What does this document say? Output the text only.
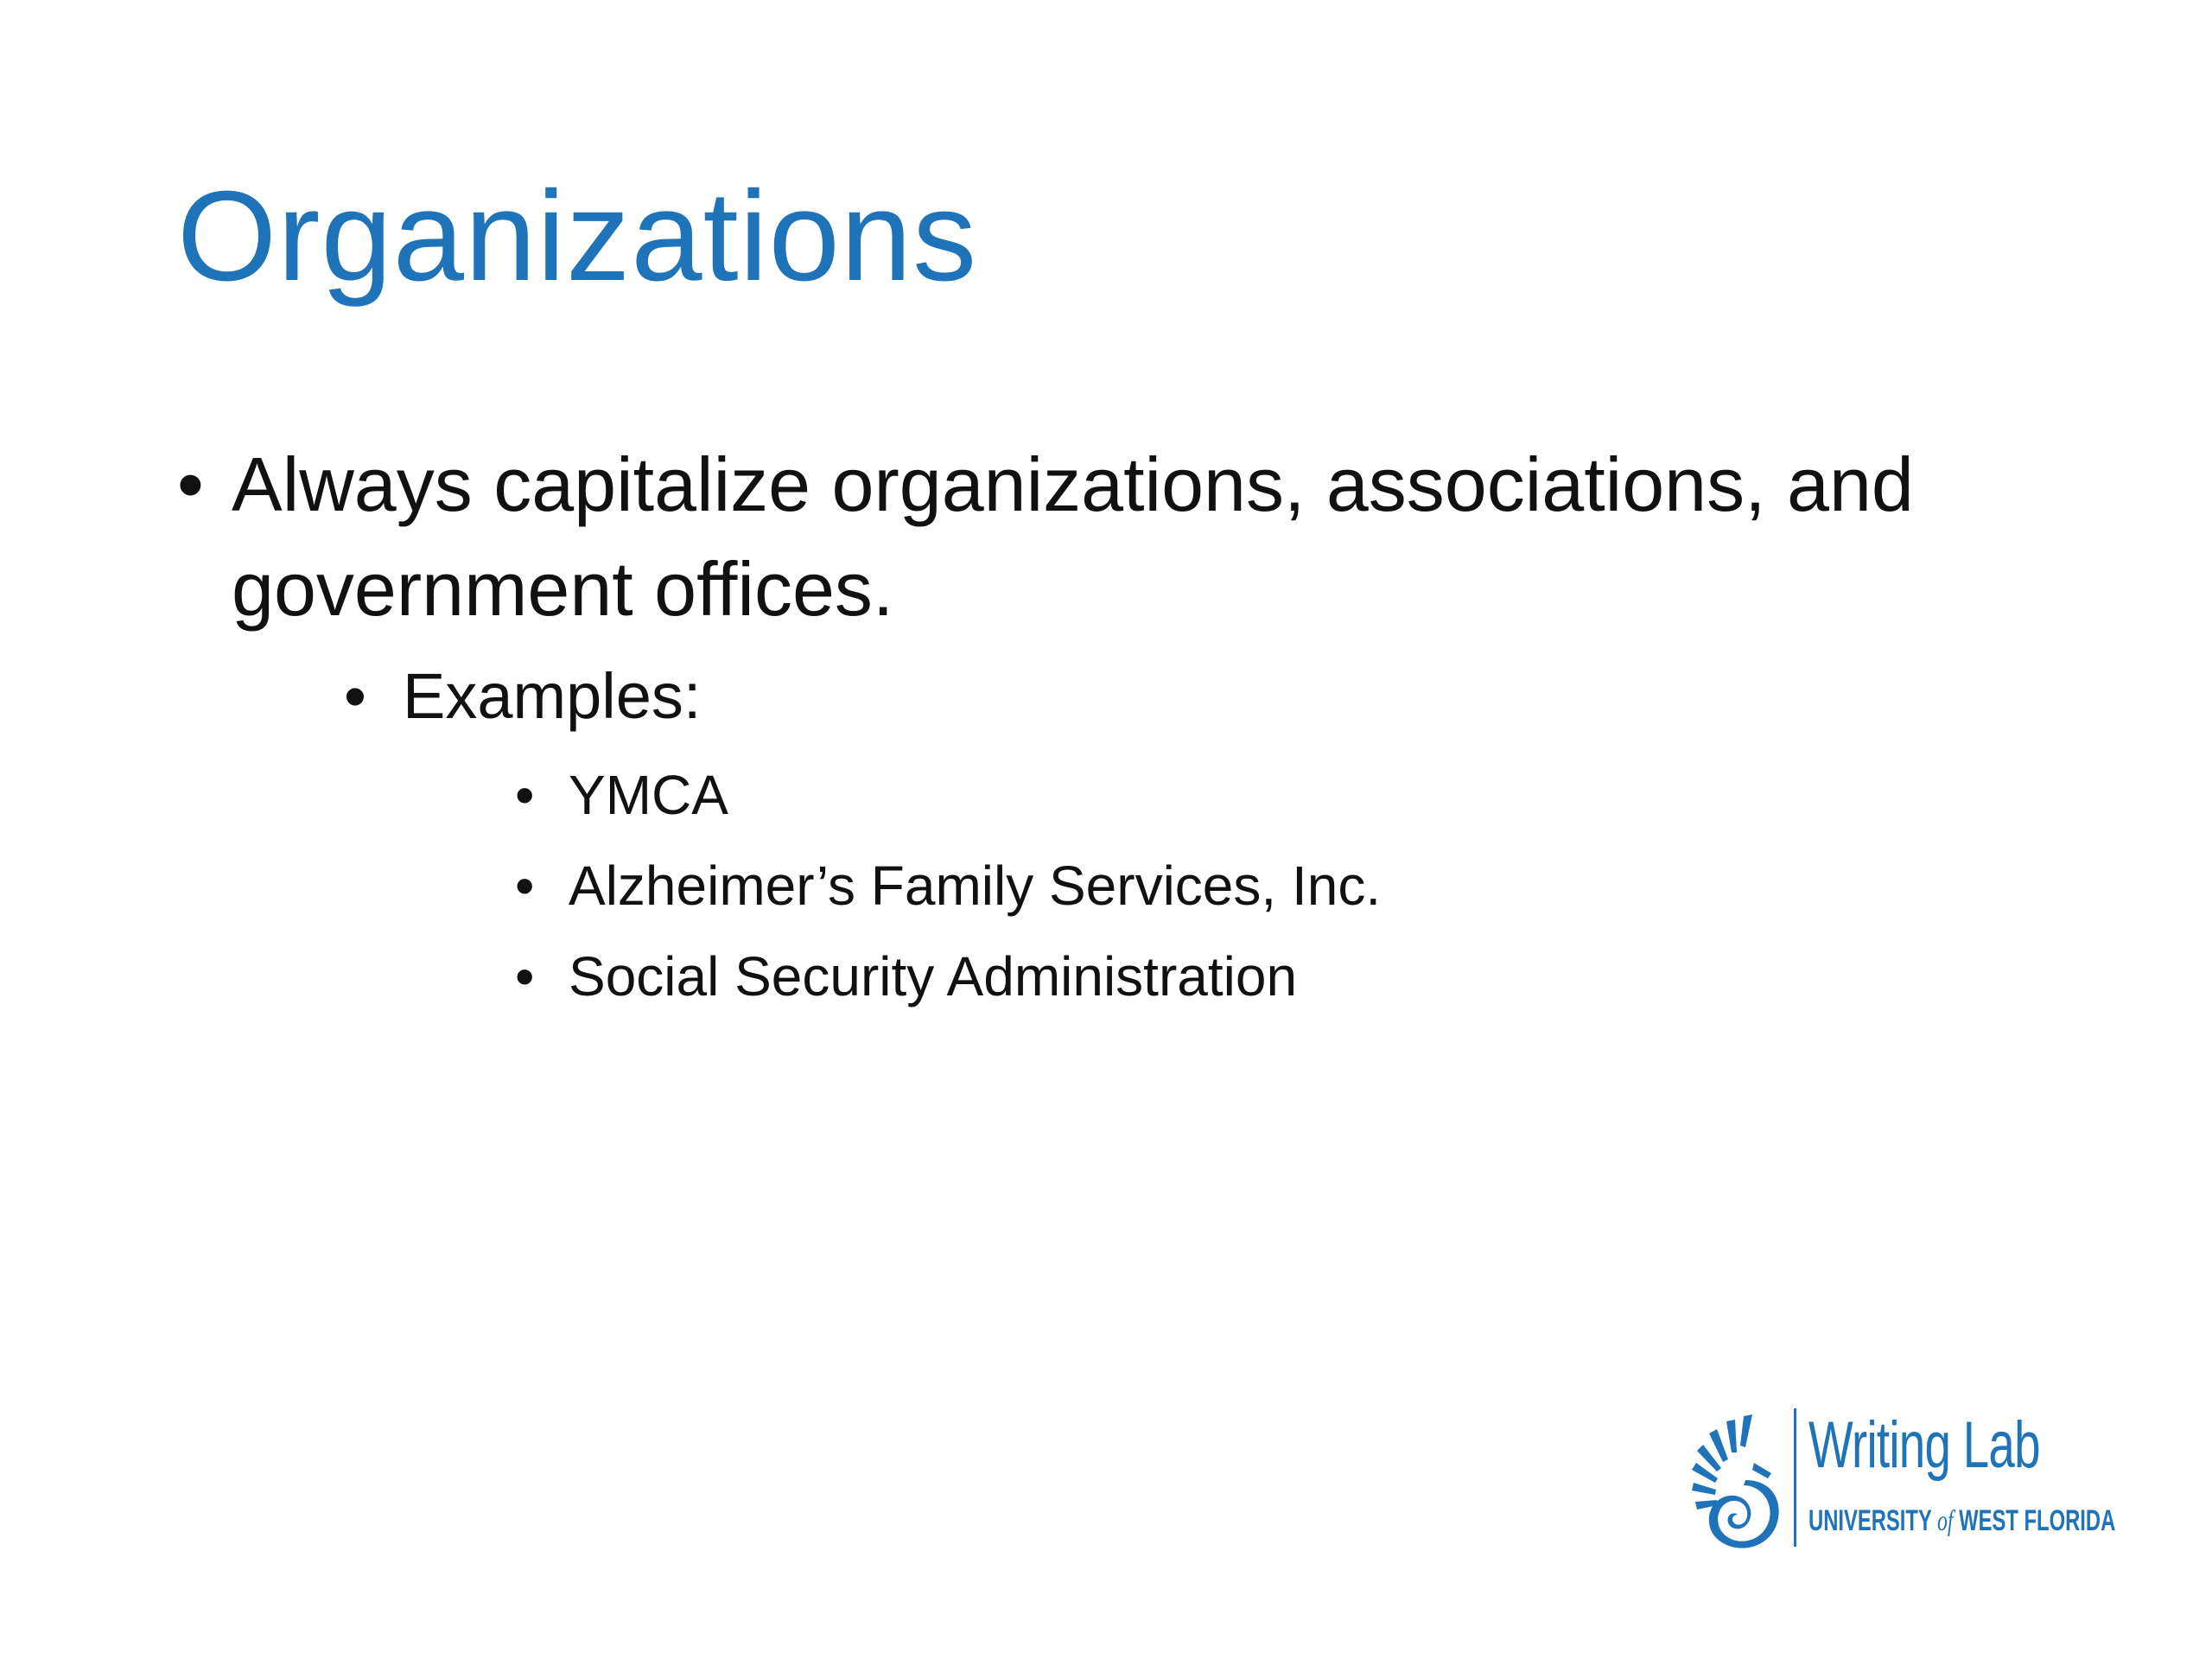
Organizations
• Always capitalize organizations, associations, and government offices.
• Examples:
• YMCA
• Alzheimer’s Family Services, Inc.
• Social Security Administration
Writing Lab
UNIVERSITY of WEST FLORIDA
